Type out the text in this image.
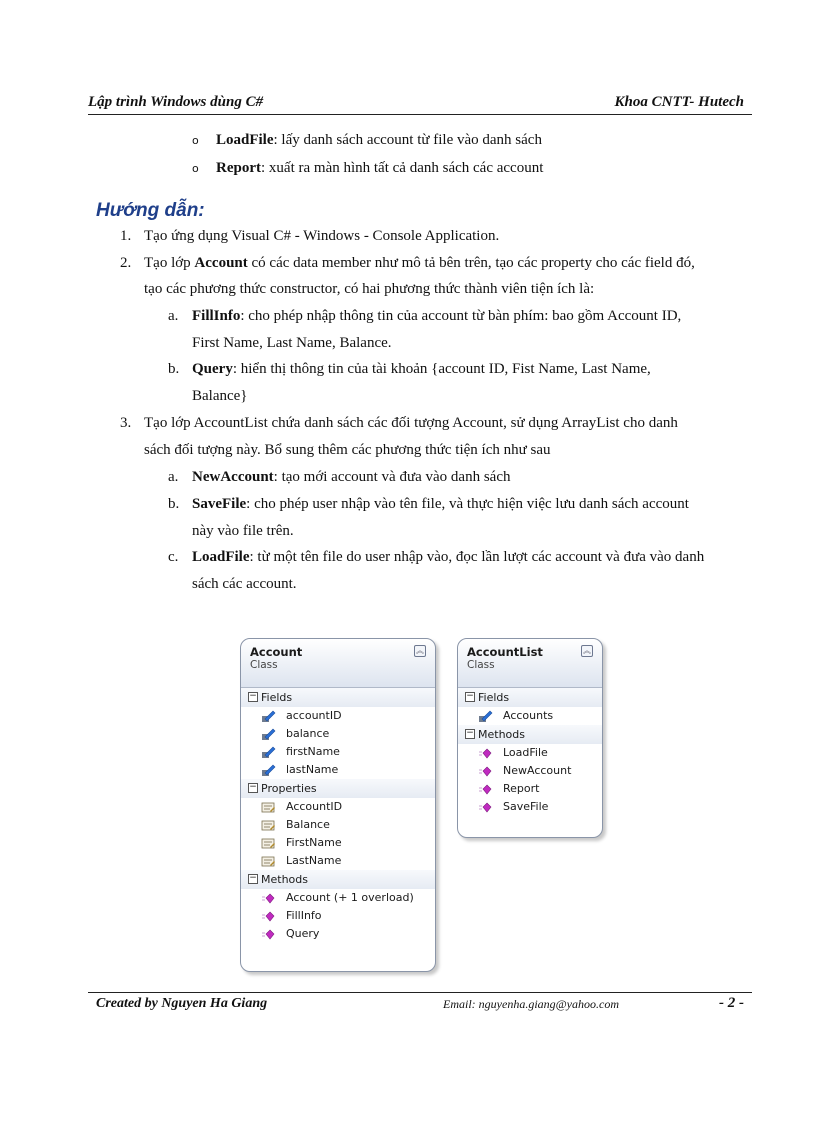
Lập trình Windows dùng C#	Khoa CNTT- Hutech
o LoadFile: lấy danh sách account từ file vào danh sách
o Report: xuất ra màn hình tất cả danh sách các account
Hướng dẫn:
1. Tạo ứng dụng Visual C# - Windows - Console Application.
2. Tạo lớp Account có các data member như mô tả bên trên, tạo các property cho các field đó,
tạo các phương thức constructor, có hai phương thức thành viên tiện ích là:
a. FillInfo: cho phép nhập thông tin của account từ bàn phím: bao gồm Account ID,
First Name, Last Name, Balance.
b. Query: hiển thị thông tin của tài khoản {account ID, Fist Name, Last Name,
Balance}
3. Tạo lớp AccountList chứa danh sách các đối tượng Account, sử dụng ArrayList cho danh
sách đối tượng này. Bổ sung thêm các phương thức tiện ích như sau
a. NewAccount: tạo mới account và đưa vào danh sách
b. SaveFile: cho phép user nhập vào tên file, và thực hiện việc lưu danh sách account
này vào file trên.
c. LoadFile: từ một tên file do user nhập vào, đọc lần lượt các account và đưa vào danh
sách các account.
Account
Class
︽
− Fields
accountID
balance
firstName
lastName
− Properties
AccountID
Balance
FirstName
LastName
− Methods
Account (+ 1 overload)
FillInfo
Query
AccountList
Class
︽
− Fields
Accounts
− Methods
LoadFile
NewAccount
Report
SaveFile
Created by Nguyen Ha Giang	Email: nguyenha.giang@yahoo.com	- 2 -
